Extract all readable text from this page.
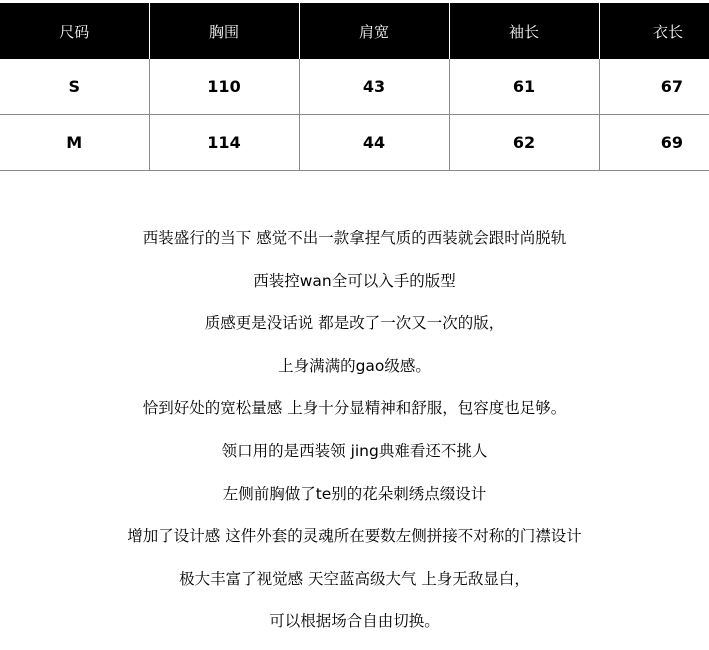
尺码	胸围	肩宽	袖长	衣长
S	110	43	61	67
M	114	44	62	69
西装盛行的当下 感觉不出一款拿捏气质的西装就会跟时尚脱轨
西装控wan全可以入手的版型
质感更是没话说 都是改了一次又一次的版，
上身满满的gao级感。
恰到好处的宽松量感 上身十分显精神和舒服，包容度也足够。
领口用的是西装领 jing典难看还不挑人
左侧前胸做了te别的花朵刺绣点缀设计
增加了设计感 这件外套的灵魂所在要数左侧拼接不对称的门襟设计
极大丰富了视觉感 天空蓝高级大气 上身无敌显白，
可以根据场合自由切换。
